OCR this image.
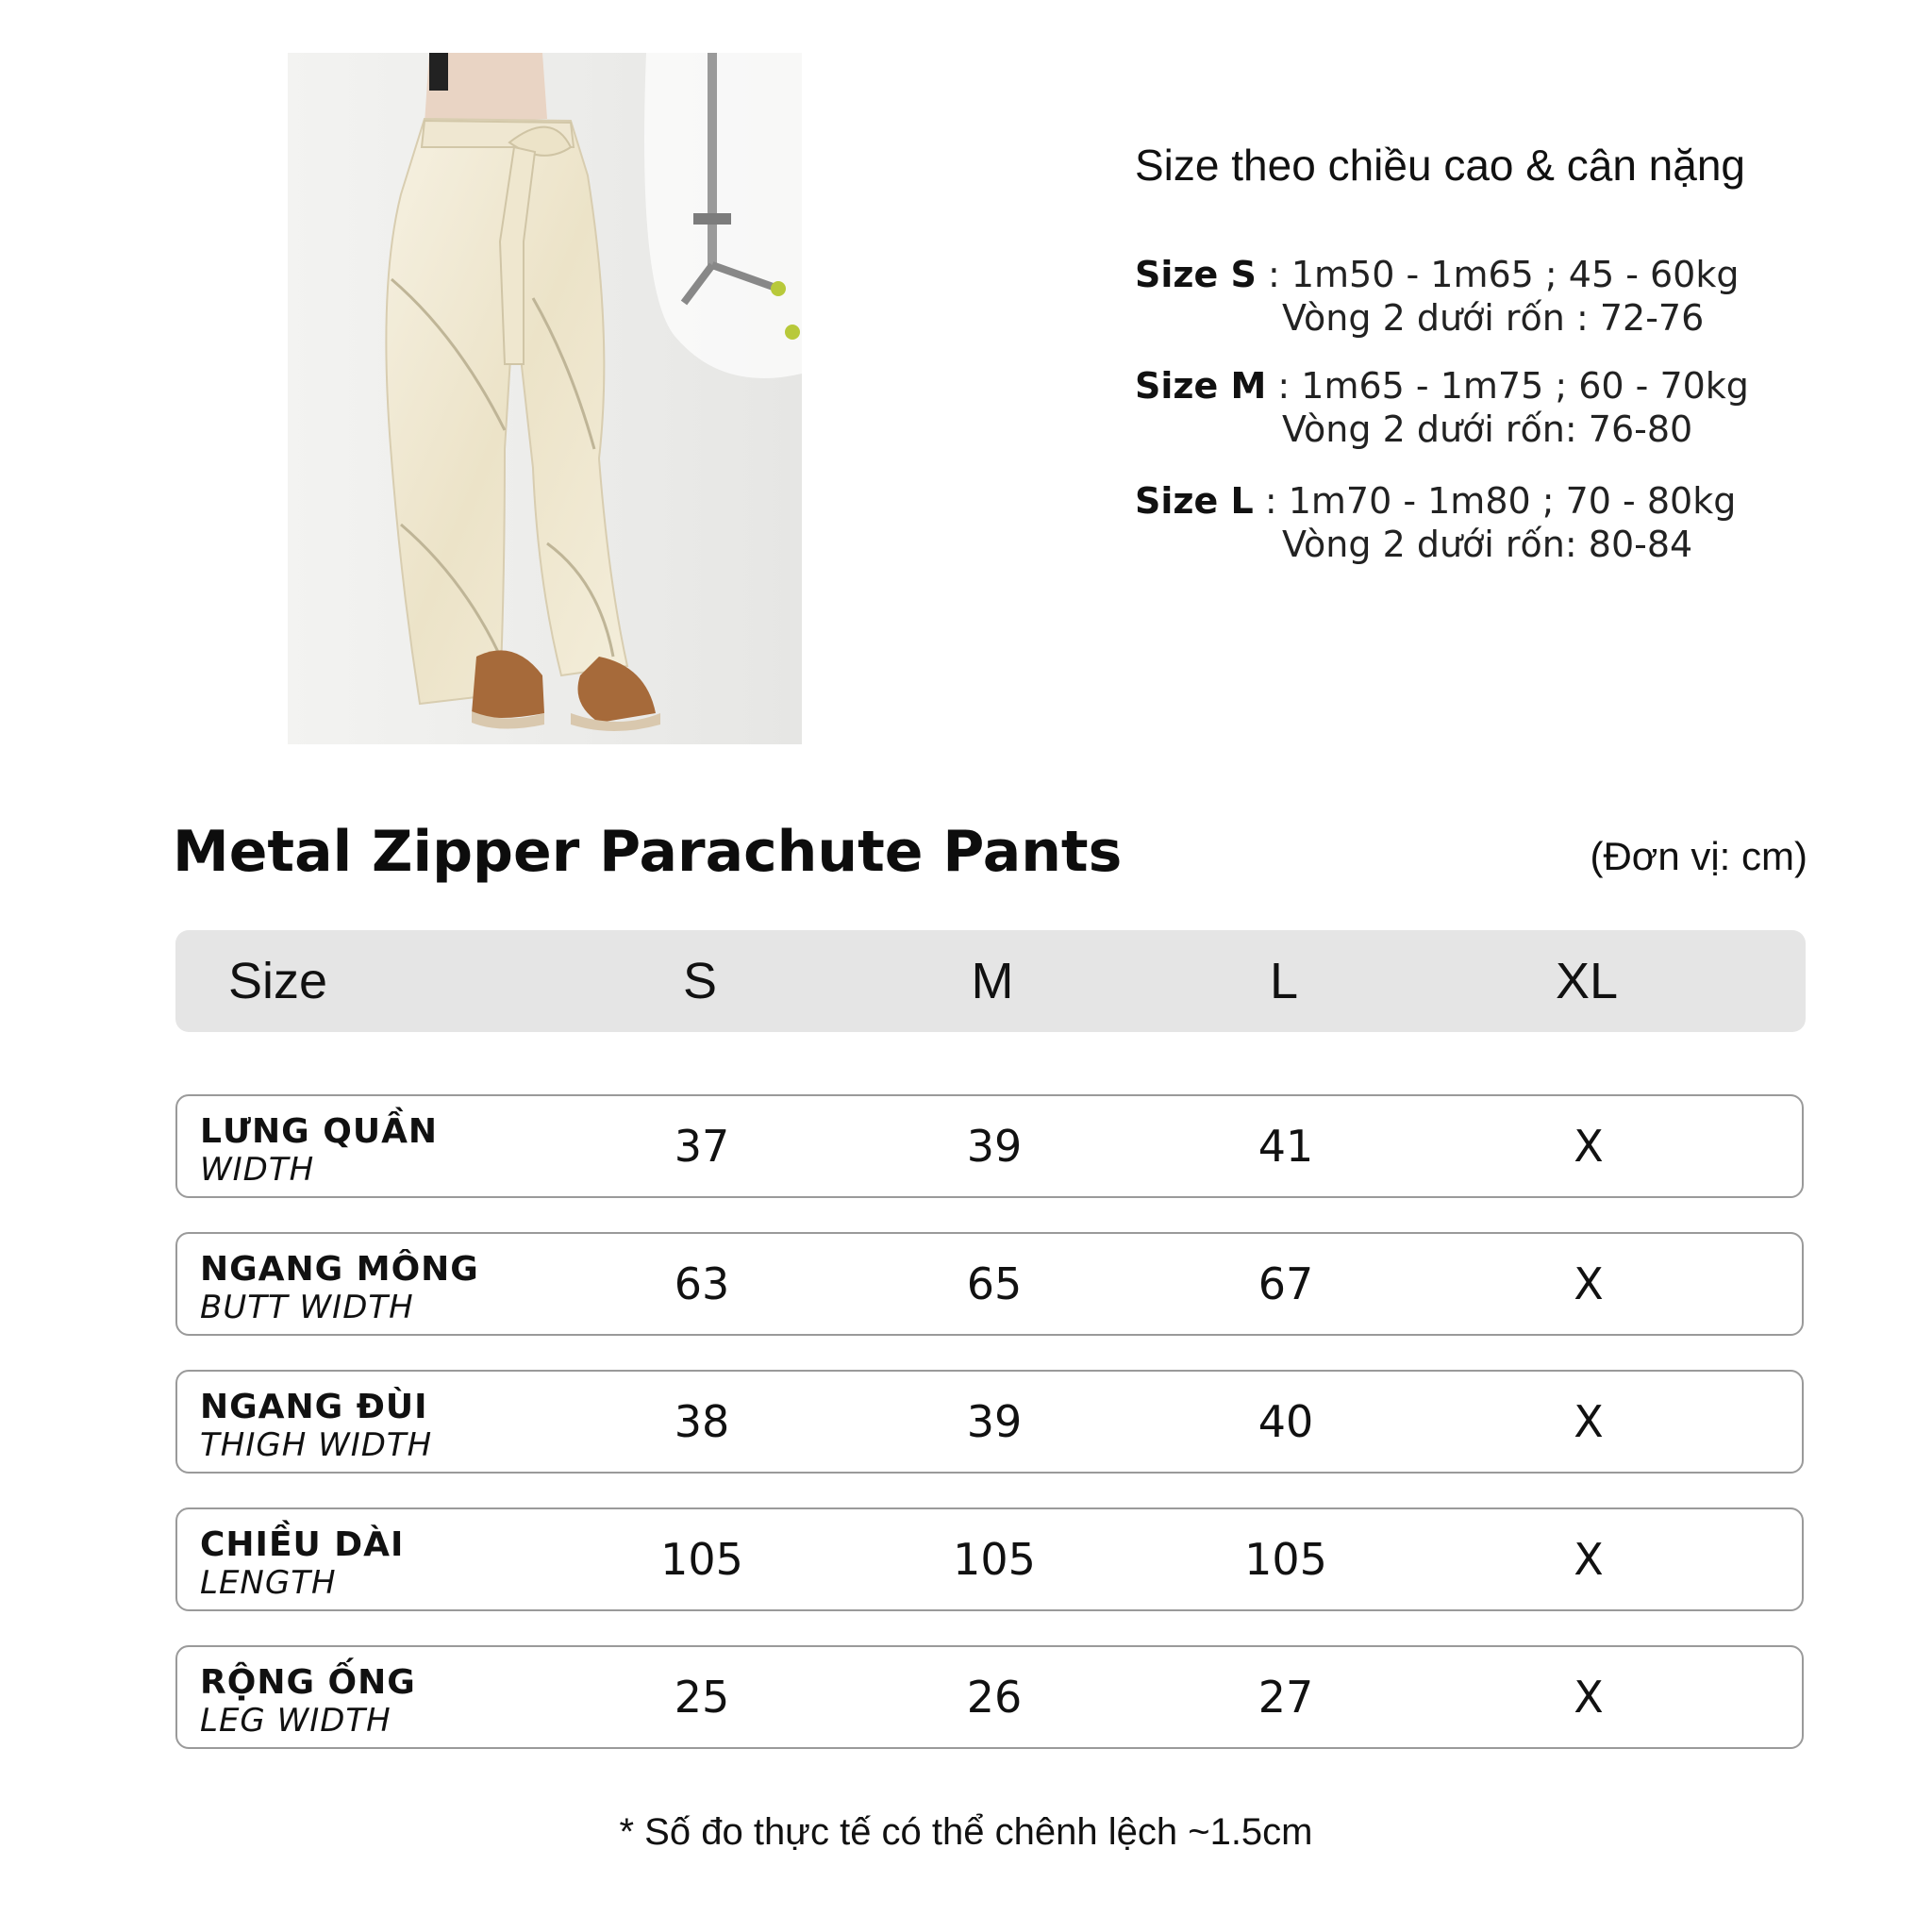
Size theo chiều cao & cân nặng
Size S : 1m50 - 1m65 ; 45 - 60kg
Vòng 2 dưới rốn : 72-76
Size M : 1m65 - 1m75 ; 60 - 70kg
Vòng 2 dưới rốn: 76-80
Size L : 1m70 - 1m80 ; 70 - 80kg
Vòng 2 dưới rốn: 80-84
Metal Zipper Parachute Pants	(Đơn vị: cm)
Size	S	M	L	XL
LƯNG QUẦN
WIDTH	37	39	41	X
NGANG MÔNG
BUTT WIDTH	63	65	67	X
NGANG ĐÙI
THIGH WIDTH	38	39	40	X
CHIỀU DÀI
LENGTH	105	105	105	X
RỘNG ỐNG
LEG WIDTH	25	26	27	X
* Số đo thực tế có thể chênh lệch ~1.5cm
